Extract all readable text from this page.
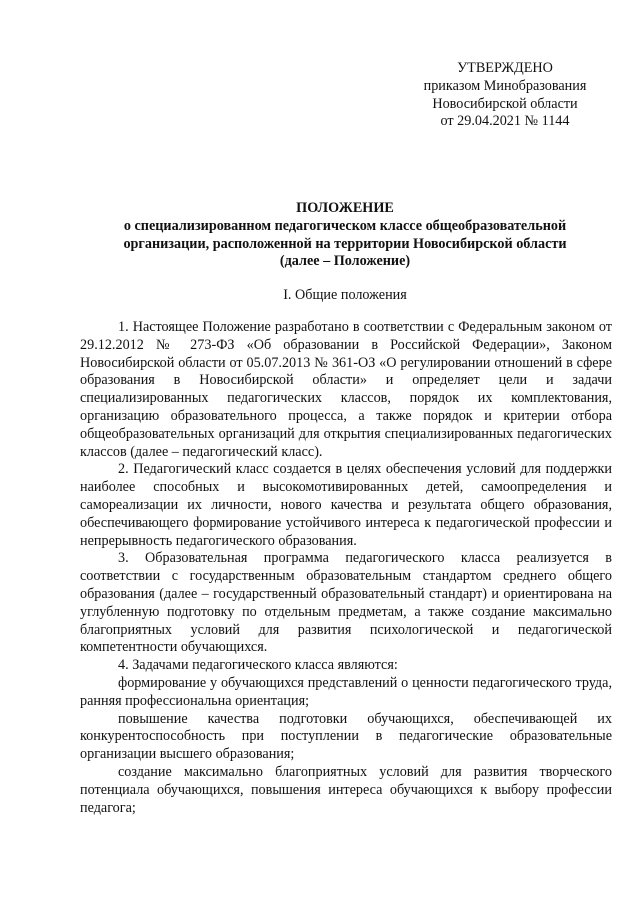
УТВЕРЖДЕНО
приказом Минобразования
Новосибирской области
от 29.04.2021 № 1144
ПОЛОЖЕНИЕ
о специализированном педагогическом классе общеобразовательной
организации, расположенной на территории Новосибирской области
(далее – Положение)
I. Общие положения

1. Настоящее Положение разработано в соответствии с Федеральным законом от 29.12.2012 № 273-ФЗ «Об образовании в Российской Федерации», Законом Новосибирской области от 05.07.2013 № 361-ОЗ «О регулировании отношений в сфере образования в Новосибирской области» и определяет цели и задачи специализированных педагогических классов, порядок их комплектования, организацию образовательного процесса, а также порядок и критерии отбора общеобразовательных организаций для открытия специализированных педагогических классов (далее – педагогический класс).

2. Педагогический класс создается в целях обеспечения условий для поддержки наиболее способных и высокомотивированных детей, самоопределения и самореализации их личности, нового качества и результата общего образования, обеспечивающего формирование устойчивого интереса к педагогической профессии и непрерывность педагогического образования.

3. Образовательная программа педагогического класса реализуется в соответствии с государственным образовательным стандартом среднего общего образования (далее – государственный образовательный стандарт) и ориентирована на углубленную подготовку по отдельным предметам, а также создание максимально благоприятных условий для развития психологической и педагогической компетентности обучающихся.

4. Задачами педагогического класса являются:

формирование у обучающихся представлений о ценности педагогического труда, ранняя профессиональна ориентация;

повышение качества подготовки обучающихся, обеспечивающей их конкурентоспособность при поступлении в педагогические образовательные организации высшего образования;

создание максимально благоприятных условий для развития творческого потенциала обучающихся, повышения интереса обучающихся к выбору профессии педагога;
